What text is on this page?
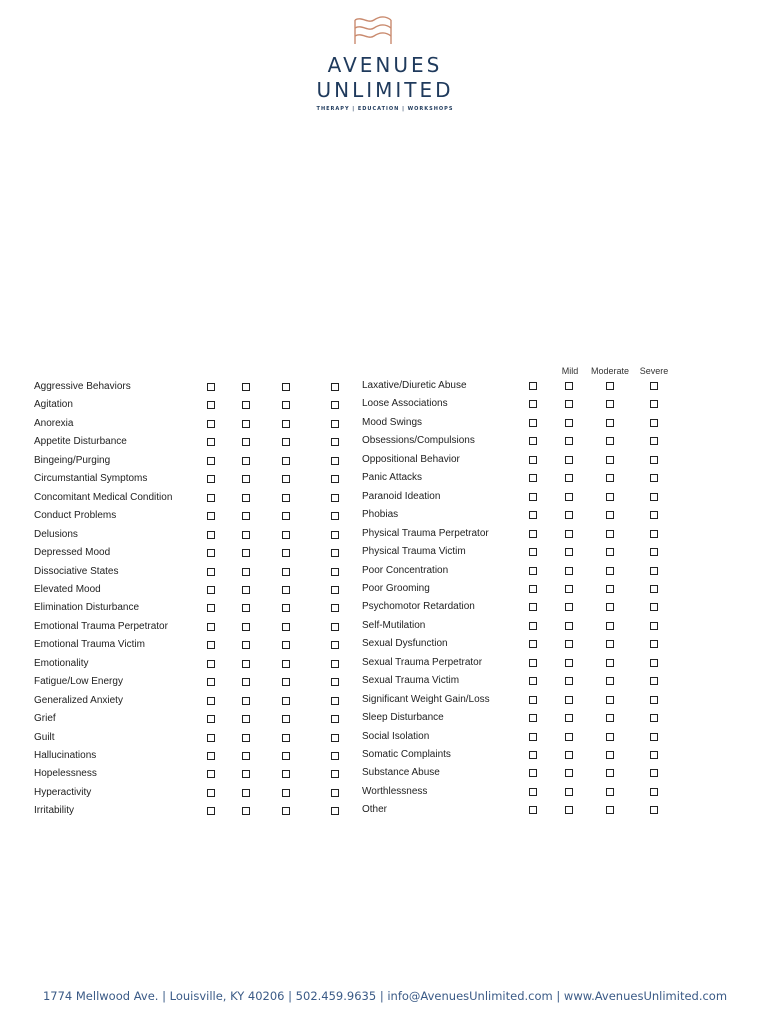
AVENUES
UNLIMITED
THERAPY | EDUCATION | WORKSHOPS
Mild Moderate Severe
Aggressive Behaviors
Agitation
Anorexia
Appetite Disturbance
Bingeing/Purging
Circumstantial Symptoms
Concomitant Medical Condition
Conduct Problems
Delusions
Depressed Mood
Dissociative States
Elevated Mood
Elimination Disturbance
Emotional Trauma Perpetrator
Emotional Trauma Victim
Emotionality
Fatigue/Low Energy
Generalized Anxiety
Grief
Guilt
Hallucinations
Hopelessness
Hyperactivity
Irritability
Laxative/Diuretic Abuse
Loose Associations
Mood Swings
Obsessions/Compulsions
Oppositional Behavior
Panic Attacks
Paranoid Ideation
Phobias
Physical Trauma Perpetrator
Physical Trauma Victim
Poor Concentration
Poor Grooming
Psychomotor Retardation
Self-Mutilation
Sexual Dysfunction
Sexual Trauma Perpetrator
Sexual Trauma Victim
Significant Weight Gain/Loss
Sleep Disturbance
Social Isolation
Somatic Complaints
Substance Abuse
Worthlessness
Other
1774 Mellwood Ave. | Louisville, KY 40206 | 502.459.9635 | info@AvenuesUnlimited.com | www.AvenuesUnlimited.com
